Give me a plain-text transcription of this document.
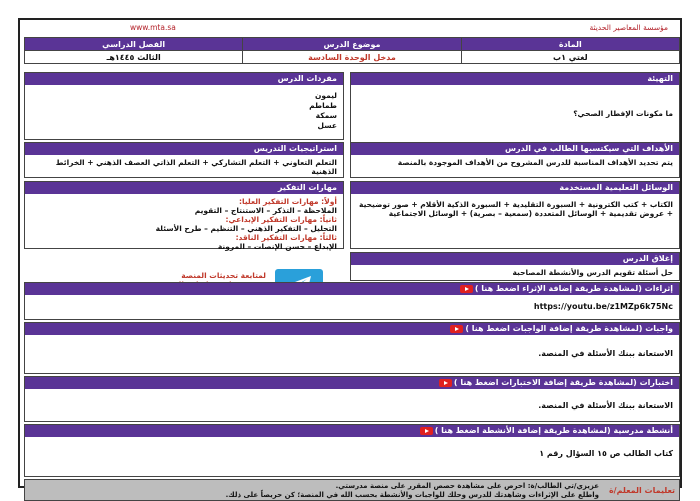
www.mta.sa	مؤسسة المعاصير الحديثة
الفصل الدراسي	موضوع الدرس	المادة
الثالث ١٤٤٥هـ	مدخل الوحدة السادسة	لغتي ١ب
التهيئة
ما مكونات الإفطار الصحي؟
الأهداف التي سيكتسبها الطالب في الدرس
يتم تحديد الأهداف المناسبة للدرس المشروح من الأهداف الموجودة بالمنصة
الوسائل التعليمية المستخدمة
الكتاب + كتب الكترونية + السبورة التقليدية + السبورة الذكية الأقلام + صور توضيحية + عروض تقديمية + الوسائل المتعددة (سمعية – بصرية) + الوسائل الاجتماعية
إغلاق الدرس
حل أسئلة تقويم الدرس والأنشطة المصاحبة
مفردات الدرس
ليمون
طماطم
سمكة
عسل
استراتيجيات التدريس
التعلم التعاوني + التعلم التشاركي + التعلم الذاتي العصف الذهني + الخرائط الذهنية
مهارات التفكير
أولاً: مهارات التفكير العليا:
الملاحظة – التذكر – الاستنتاج – التقويم
ثانياً: مهارات التفكير الإبداعي:
التحليل – التفكير الذهني – التنظيم – طرح الأسئلة
ثالثاً: مهارات التفكير الناقد:
الإبداع – حسن الإنصات – المرونة
لمتابعة تحديثات المنصة
إثراءات (لمشاهدة طريقة إضافة الإثراء اضغط هنا )
https://youtu.be/z1MZp6k75Nc
واجبات (لمشاهدة طريقة إضافة الواجبات اضغط هنا )
الاستعانة ببنك الأسئلة في المنصة.
اختبارات (لمشاهدة طريقة إضافة الاختبارات اضغط هنا )
الاستعانة ببنك الأسئلة في المنصة.
أنشطة مدرسية (لمشاهدة طريقة إضافة الأنشطة اضغط هنا )
كتاب الطالب ص ١٥ السؤال رقم ١
تعليمات المعلم/ة
عزيزي/تي الطالب/ة: احرص على مشاهدة حصص المقرر على منصة مدرستي.
واطلع على الإثراءات وشاهدتك للدرس وحلك للواجبات والأنشطة بحسب الله في المنصة؛ كن حريصاً على ذلك.
